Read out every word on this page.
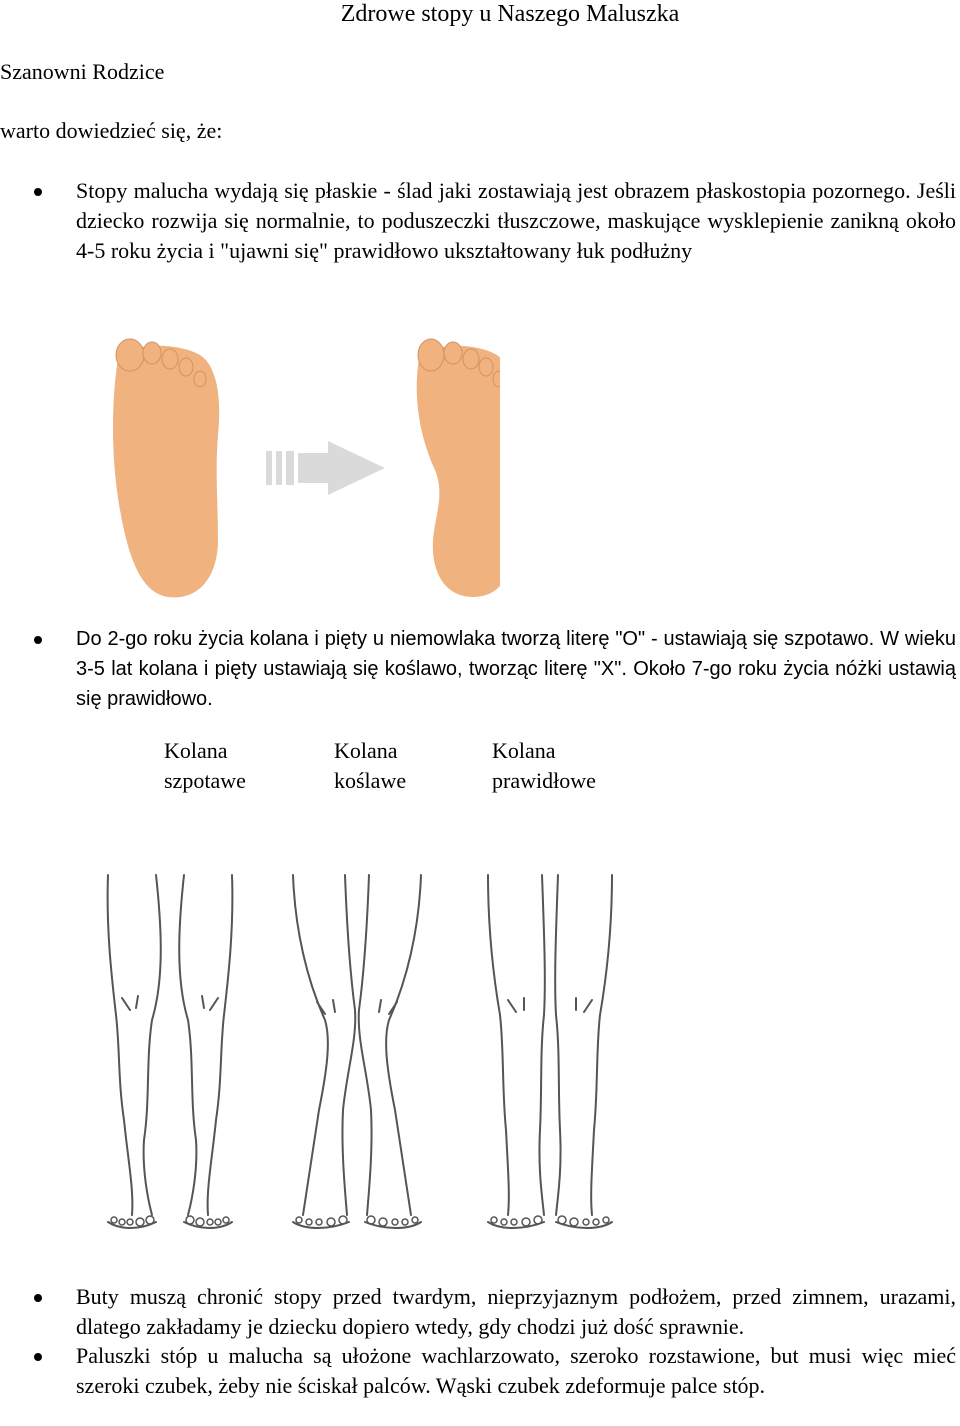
Zdrowe stopy u Naszego Maluszka
Szanowni Rodzice
warto dowiedzieć się, że:

Stopy malucha wydają się płaskie - ślad jaki zostawiają jest obrazem płaskostopia pozornego. Jeśli dziecko rozwija się normalnie, to poduszeczki tłuszczowe, maskujące wysklepienie zanikną około 4-5 roku życia i "ujawni się" prawidłowo ukształtowany łuk podłużny

Do 2-go roku życia kolana i pięty u niemowlaka tworzą literę "O" - ustawiają się szpotawo. W wieku 3-5 lat kolana i pięty ustawiają się koślawo, tworząc literę "X". Około 7-go roku życia nóżki ustawią się prawidłowo.

Kolana
szpotawe
Kolana
koślawe
Kolana
prawidłowe

Buty muszą chronić stopy przed twardym, nieprzyjaznym podłożem, przed zimnem, urazami, dlatego zakładamy je dziecku dopiero wtedy, gdy chodzi już dość sprawnie.

Paluszki stóp u malucha są ułożone wachlarzowato, szeroko rozstawione, but musi więc mieć szeroki czubek, żeby nie ściskał palców. Wąski czubek zdeformuje palce stóp.
